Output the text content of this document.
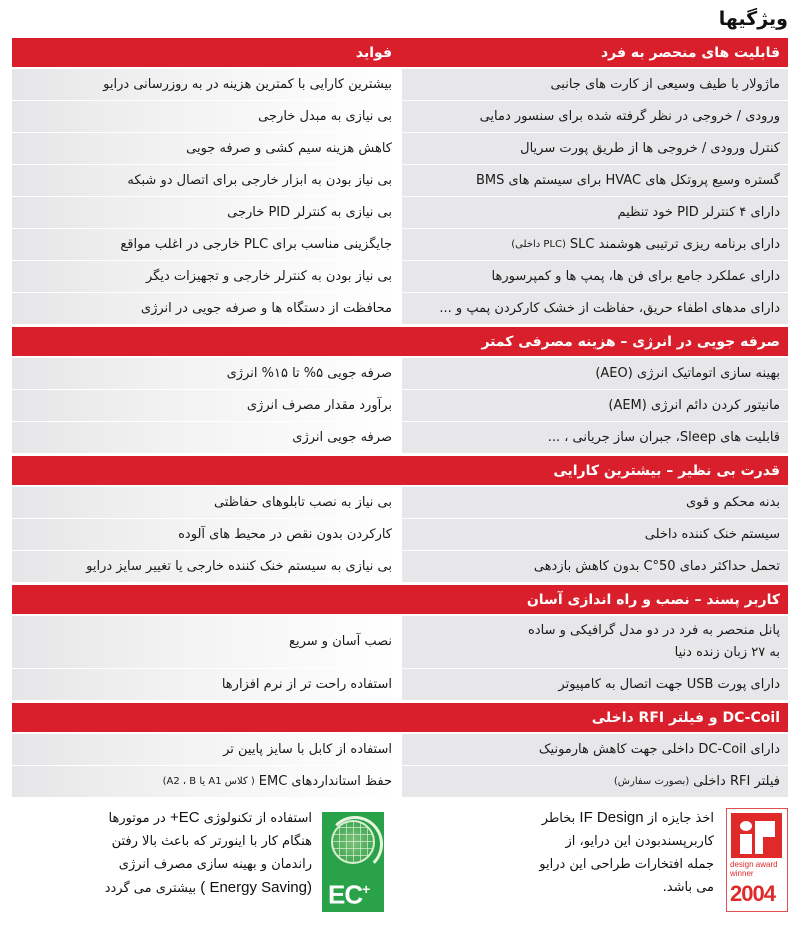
ویژگیها
قابلیت های منحصر به فرد
فواید
ماژولار با طیف وسیعی از کارت های جانبی
بیشترین کارایی با کمترین هزینه در به روزرسانی درایو
ورودی / خروجی در نظر گرفته شده برای سنسور دمایی
بی نیازی به مبدل خارجی
کنترل ورودی / خروجی ها از طریق پورت سریال
کاهش هزینه سیم کشی و صرفه جویی
گستره وسیع پروتکل های HVAC برای سیستم های BMS
بی نیاز بودن به ابزار خارجی برای اتصال دو شبکه
دارای ۴ کنترلر PID خود تنظیم
بی نیازی به کنترلر PID خارجی
دارای برنامه ریزی ترتیبی هوشمند SLC
(PLC داخلی)
جایگزینی مناسب برای PLC خارجی در اغلب مواقع
دارای عملکرد جامع برای فن ها، پمپ ها و کمپرسورها
بی نیاز بودن به کنترلر خارجی و تجهیزات دیگر
دارای مدهای اطفاء حریق، حفاظت از خشک کارکردن پمپ و ...
محافظت از دستگاه ها و صرفه جویی در انرژی
صرفه جویی در انرژی – هزینه مصرفی کمتر
بهینه سازی اتوماتیک انرژی (AEO)
صرفه جویی ۵% تا ۱۵% انرژی
مانیتور کردن دائم انرژی (AEM)
برآورد مقدار مصرف انرژی
قابلیت های Sleep، جبران ساز جریانی ، ...
صرفه جویی انرژی
قدرت بی نظیر – بیشترین کارایی
بدنه محکم و قوی
بی نیاز به نصب تابلوهای حفاظتی
سیستم خنک کننده داخلی
کارکردن بدون نقص در محیط های آلوده
تحمل حداکثر دمای 50°C بدون کاهش بازدهی
بی نیازی به سیستم خنک کننده خارجی یا تغییر سایز درایو
کاربر پسند – نصب و راه اندازی آسان
پانل منحصر به فرد در دو مدل گرافیکی و ساده
به ۲۷ زبان زنده دنیا
نصب آسان و سریع
دارای پورت USB جهت اتصال به کامپیوتر
استفاده راحت تر از نرم افزارها
DC-Coil و فیلتر RFI داخلی
دارای DC-Coil داخلی جهت کاهش هارمونیک
استفاده از کابل با سایز پایین تر
فیلتر RFI داخلی
(بصورت سفارش)
حفظ استانداردهای EMC
( کلاس A1 یا A2 ، B)
design award
winner
2004
اخذ جایزه از IF Design بخاطر
کاربرپسندبودن این درایو، از
جمله افتخارات طراحی این درایو
می باشد.
EC+
استفاده از تکنولوژی EC+ در موتورها
هنگام کار با اینورتر که باعث بالا رفتن
راندمان و بهینه سازی مصرف انرژی
(Energy Saving ) بیشتری می گردد
